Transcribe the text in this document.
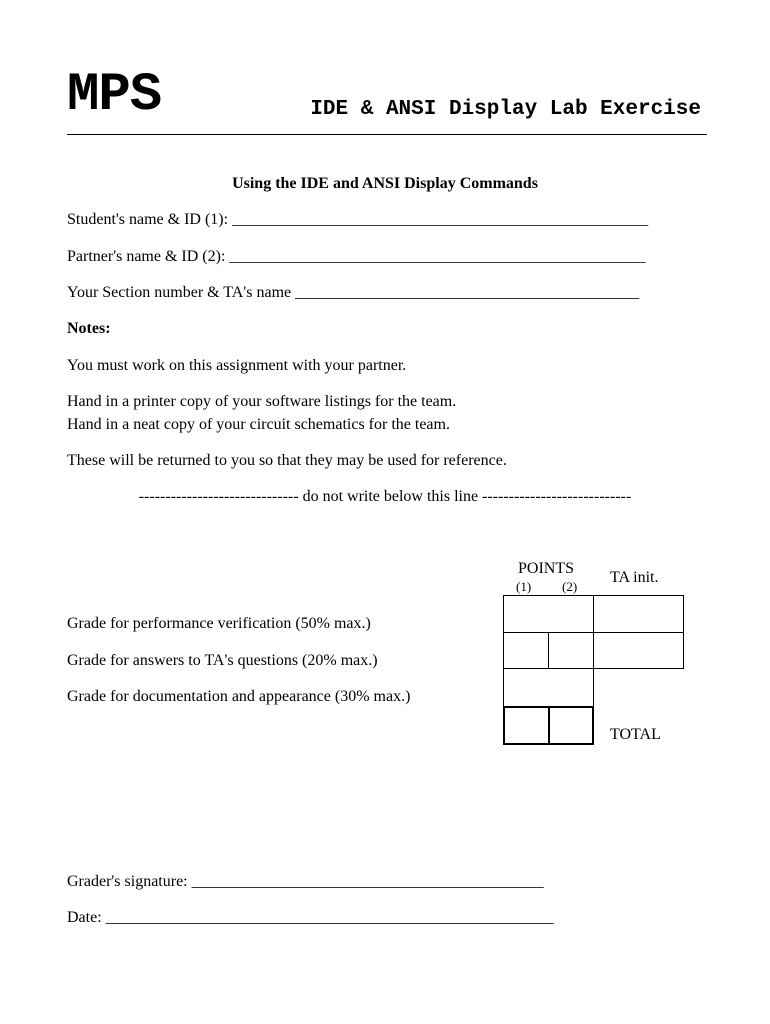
MPS	IDE & ANSI Display Lab Exercise
Using the IDE and ANSI Display Commands
Student's name & ID (1): ____________________________________________________
Partner's name & ID (2): ____________________________________________________
Your Section number & TA's name ___________________________________________
Notes:
You must work on this assignment with your partner.
Hand in a printer copy of your software listings for the team.
Hand in a neat copy of your circuit schematics for the team.
These will be returned to you so that they may be used for reference.
------------------------------ do not write below this line ----------------------------
POINTS
(1) (2)
TA init.
Grade for performance verification (50% max.)
Grade for answers to TA's questions (20% max.)
Grade for documentation and appearance (30% max.)
TOTAL
Grader's signature: ____________________________________________
Date: ________________________________________________________
